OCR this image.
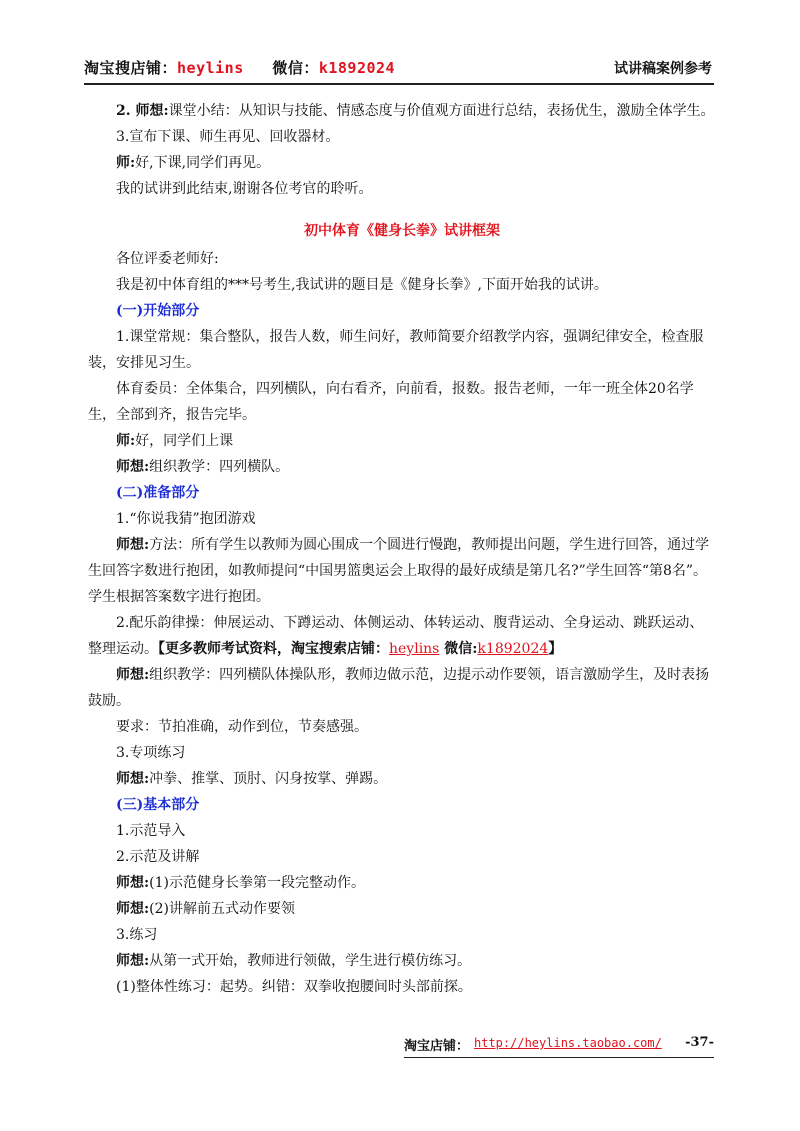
淘宝搜店铺：heylins 微信：k1892024	试讲稿案例参考

2. 师想:课堂小结：从知识与技能、情感态度与价值观方面进行总结，表扬优生，激励全体学生。

3.宣布下课、师生再见、回收器材。

师:好,下课,同学们再见。

我的试讲到此结束,谢谢各位考官的聆听。

初中体育《健身长拳》试讲框架

各位评委老师好:

我是初中体育组的***号考生,我试讲的题目是《健身长拳》,下面开始我的试讲。

(一)开始部分

1.课堂常规：集合整队，报告人数，师生问好，教师简要介绍教学内容，强调纪律安全，检查服装，安排见习生。

体育委员：全体集合，四列横队，向右看齐，向前看，报数。报告老师，一年一班全体20名学生，全部到齐，报告完毕。

师:好，同学们上课

师想:组织教学：四列横队。

(二)准备部分

1.“你说我猜”抱团游戏

师想:方法：所有学生以教师为圆心围成一个圆进行慢跑，教师提出问题，学生进行回答，通过学生回答字数进行抱团，如教师提问“中国男篮奥运会上取得的最好成绩是第几名?”学生回答“第8名”。学生根据答案数字进行抱团。

2.配乐韵律操：伸展运动、下蹲运动、体侧运动、体转运动、腹背运动、全身运动、跳跃运动、整理运动。【更多教师考试资料，淘宝搜索店铺：heylins 微信:k1892024】

师想:组织教学：四列横队体操队形，教师边做示范，边提示动作要领，语言激励学生，及时表扬鼓励。

要求：节拍准确，动作到位，节奏感强。

3.专项练习

师想:冲拳、推掌、顶肘、闪身按掌、弹踢。

(三)基本部分

1.示范导入

2.示范及讲解

师想:(1)示范健身长拳第一段完整动作。

师想:(2)讲解前五式动作要领

3.练习

师想:从第一式开始，教师进行领做，学生进行模仿练习。

(1)整体性练习：起势。纠错：双拳收抱腰间时头部前探。

淘宝店铺： http://heylins.taobao.com/ -37-
